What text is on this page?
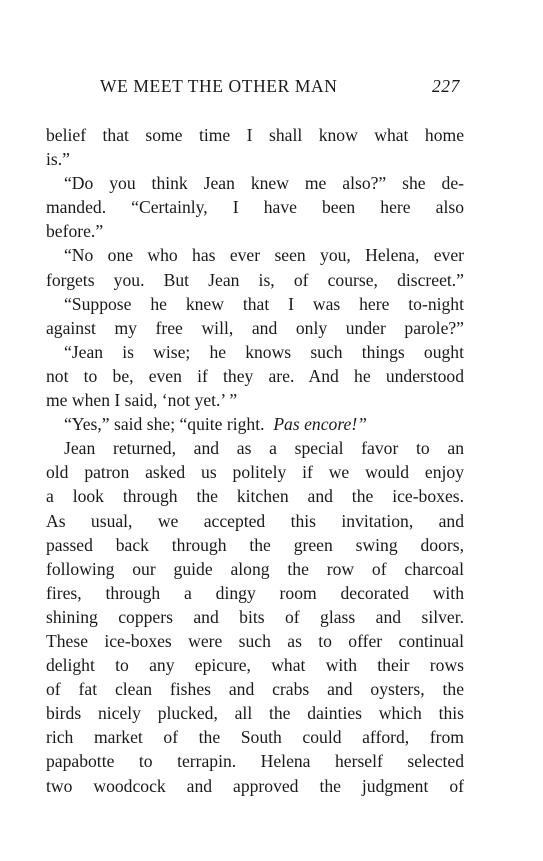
WE MEET THE OTHER MAN	227
belief that some time I shall know what home
is.”
“Do you think Jean knew me also?” she de-
manded. “Certainly, I have been here also
before.”
“No one who has ever seen you, Helena, ever
forgets you. But Jean is, of course, discreet.”
“Suppose he knew that I was here to-night
against my free will, and only under parole?”
“Jean is wise; he knows such things ought
not to be, even if they are. And he understood
me when I said, ‘not yet.’ ”
“Yes,” said she; “quite right. Pas encore!”
Jean returned, and as a special favor to an
old patron asked us politely if we would enjoy
a look through the kitchen and the ice-boxes.
As usual, we accepted this invitation, and
passed back through the green swing doors,
following our guide along the row of charcoal
fires, through a dingy room decorated with
shining coppers and bits of glass and silver.
These ice-boxes were such as to offer continual
delight to any epicure, what with their rows
of fat clean fishes and crabs and oysters, the
birds nicely plucked, all the dainties which this
rich market of the South could afford, from
papabotte to terrapin. Helena herself selected
two woodcock and approved the judgment of
